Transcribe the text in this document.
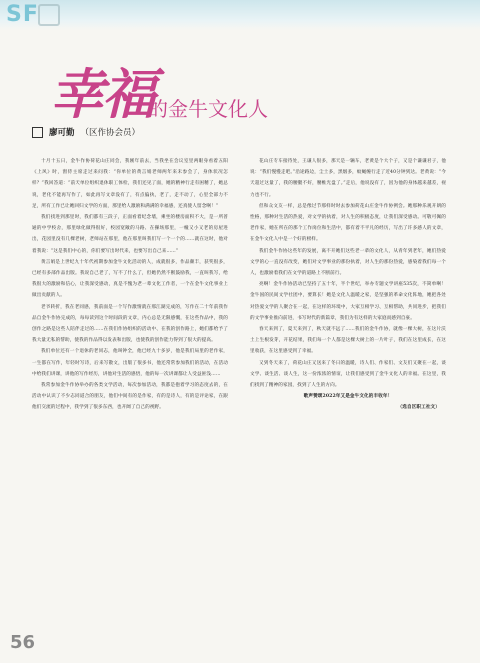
SF
幸福
的金牛文化人
廖可勤 （区作协会员）

十月十五日，金牛作协荷花山庄同会，我刚年前去，当我坐在会议室里两眼身看着五阳《上风》时，窗侍主席走过来问我：“你单位的黄言娟老师两年来未参会了，身体状况怎样？”我回答道：“前天单位组织退休职工体检，我们还见了面，她的精神行走有困精了，她总说，老化不能再写作了，如此再写文章没有了，有点偏执，老了，走不动了，心里全部力不足，所有工作已让她回归文学的方面，那里给人激励和满满的幸福感，还真使人留念啊！”

我们找进到那里时，我们都有三段子，正面看着纪念墙，乘坐的楼房面积不大，是一所普通的中学校舍，那里绿化做得很好，校园宽敞的马路、在操场那里，一幢又小又老的房屋进出，花园里没有几棵老树，老师站在那里，他在那里叫我们写一个一个的……就在这时，他对着我说：“这是我们中心的，你们要写出时代来，也要写出自己来……”

黄言娟是上世纪九十年代初期参加金牛文化活动的人，成就很多，作品颇丰，获奖很多，已经有多部作品出版。我说自己老了，写不了什么了，但她仍然不断鼓励我，一直叫我写，给我很大的激励和信心，让我深受感动，真是不愧为老一辈文化工作者，一个在金牛文化事业上做出贡献的人。

老爷转折，我在老同感，我前面是一个写作激情就在那江湖完成的，写作在二十年前我作品自金牛作协完成的，每每读到这个时间段的文章，内心总是无限感慨，在这些作品中，我的创作之路是这些人陪伴走过的……在我们作协组织的活动中、在我的创作路上，她们都给予了我大量无私的帮助，使我的作品得以发表和出版，也使我的创作能力得到了很大的提高。

我们单位还有一个退休的老同志，他叫钟全，他已经九十多岁，他是我们局里的老作家，一生都在写作，年轻时写诗，后来写散文，出版了很多书，他还常常参加我们的活动，在活动中给我们讲课，讲他的写作经历，讲他对生活的感悟，他的每一次讲课都让人受益匪浅……

我常参加金牛作协举办的各类文学活动，每次参加活动，我都是抱着学习的态度去的，在活动中认识了不少志同道合的朋友，他们中间有的是作家，有的是诗人，有的是评论家，在跟他们交流的过程中，我学到了很多东西，也开阔了自己的视野。

花山庄专车接待处，王谦人很多，那天是一辆车，老黄是个大个子，又是个谦谦君子，他说：“我们慢慢走吧。”沿途路边，尘土多，黑烟多，蚊蝇缠行走了近40分钟到达。老黄说：“今天超过这量了，我的腰腿不好，腰椎光盘了。”走后，他说没有了，因为他的身体越来越差，视力也不行。

但和众文友一样，总是像过节那样时时去参加荷花山庄金牛作协例会。她那种乐观开朗的性格，那种对生活的热爱，对文学的执着，对人生的积极态度，让我们深受感动。可敬可佩的老作家，她在所在的那个工作岗位和生活中，都有着不平凡的经历，写出了许多感人的文章，在金牛文化人中是一个好的榜样。

我们金牛作协这些年的发展，离不开她们这些老一辈的文化人，从青年到老年，她们热爱文学的心一直没有改变，她们对文学事业的那份执着，对人生的那份热爱，感染着我们每一个人，也激励着我们在文学的道路上不断前行。

亮啊！金牛作协活动已坚持了五十年，半个世纪，举办专题文学讲座535次，不简单啊！金牛国的民间文学社团中，要算长！她是文化人温暖之家，是坚强的革命文化阵地，她把各处对热爱文学的人聚合在一起，在这样的环境中，大家互相学习、互相帮助，共同进步，把我们的文学事业推向前进，书写时代的新篇章，我们为有这样的大家庭而感到自豪。

春天来到了，夏天来到了，秋天就不远了……我们的金牛作协，就像一棵大树，在这片沃土上生根发芽，开花结果，我们每一个人都是这棵大树上的一片叶子，我们在这里成长，在这里收获，在这里感受到了幸福。

又到冬天来了，荷花山庄又送来了冬日的温暖，诗人们、作家们、文友们又聚在一起，谈文学、谈生活、谈人生，这一份浓浓的情谊，让我们感受到了金牛文化人的幸福。在这里，我们找到了精神的家园，找到了人生的方向。

歌声赞颂2022年又是金牛文化的丰收年！

（选自区职工社文）

56
